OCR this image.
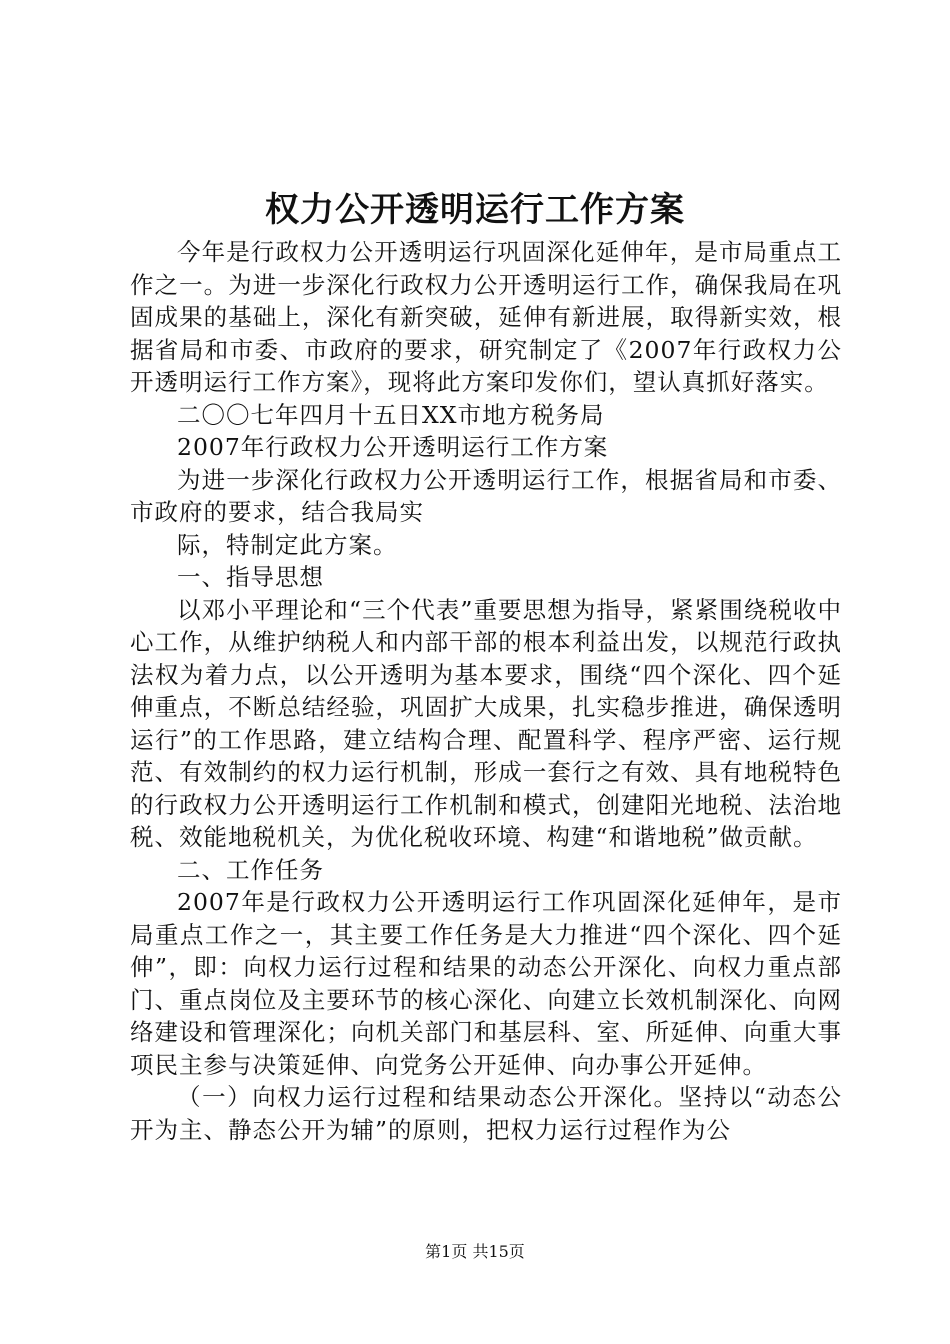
权力公开透明运行工作方案

今年是行政权力公开透明运行巩固深化延伸年，是市局重点工作之一。为进一步深化行政权力公开透明运行工作，确保我局在巩固成果的基础上，深化有新突破，延伸有新进展，取得新实效，根据省局和市委、市政府的要求，研究制定了《2007年行政权力公开透明运行工作方案》，现将此方案印发你们，望认真抓好落实。

二〇〇七年四月十五日XX市地方税务局

2007年行政权力公开透明运行工作方案

为进一步深化行政权力公开透明运行工作，根据省局和市委、市政府的要求，结合我局实

际，特制定此方案。

一、指导思想

以邓小平理论和“三个代表”重要思想为指导，紧紧围绕税收中心工作，从维护纳税人和内部干部的根本利益出发，以规范行政执法权为着力点，以公开透明为基本要求，围绕“四个深化、四个延伸重点，不断总结经验，巩固扩大成果，扎实稳步推进，确保透明运行”的工作思路，建立结构合理、配置科学、程序严密、运行规范、有效制约的权力运行机制，形成一套行之有效、具有地税特色的行政权力公开透明运行工作机制和模式，创建阳光地税、法治地税、效能地税机关，为优化税收环境、构建“和谐地税”做贡献。

二、工作任务

2007年是行政权力公开透明运行工作巩固深化延伸年，是市局重点工作之一，其主要工作任务是大力推进“四个深化、四个延伸”，即：向权力运行过程和结果的动态公开深化、向权力重点部门、重点岗位及主要环节的核心深化、向建立长效机制深化、向网络建设和管理深化；向机关部门和基层科、室、所延伸、向重大事项民主参与决策延伸、向党务公开延伸、向办事公开延伸。

（一）向权力运行过程和结果动态公开深化。坚持以“动态公开为主、静态公开为辅”的原则，把权力运行过程作为公

第1页 共15页
